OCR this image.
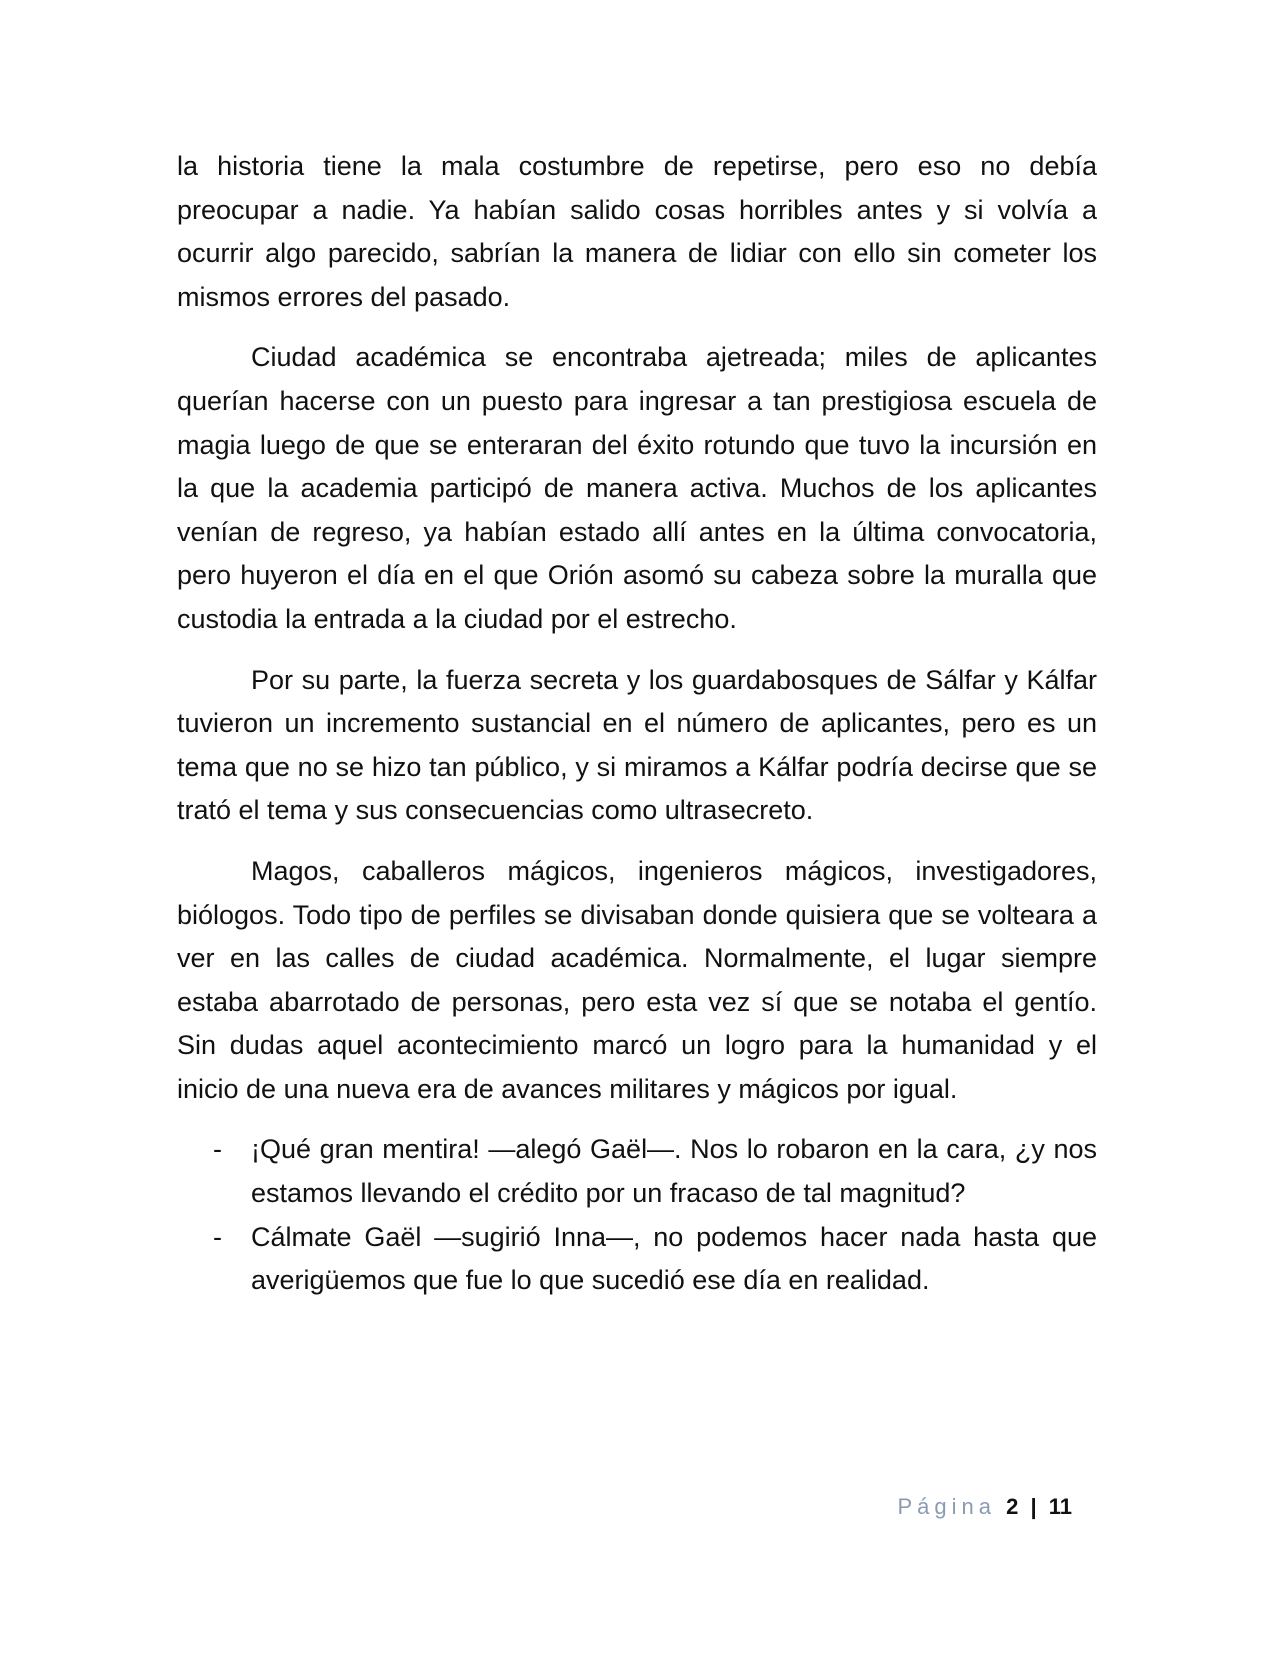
la historia tiene la mala costumbre de repetirse, pero eso no debía preocupar a nadie. Ya habían salido cosas horribles antes y si volvía a ocurrir algo parecido, sabrían la manera de lidiar con ello sin cometer los mismos errores del pasado.

Ciudad académica se encontraba ajetreada; miles de aplicantes querían hacerse con un puesto para ingresar a tan prestigiosa escuela de magia luego de que se enteraran del éxito rotundo que tuvo la incursión en la que la academia participó de manera activa. Muchos de los aplicantes venían de regreso, ya habían estado allí antes en la última convocatoria, pero huyeron el día en el que Orión asomó su cabeza sobre la muralla que custodia la entrada a la ciudad por el estrecho.

Por su parte, la fuerza secreta y los guardabosques de Sálfar y Kálfar tuvieron un incremento sustancial en el número de aplicantes, pero es un tema que no se hizo tan público, y si miramos a Kálfar podría decirse que se trató el tema y sus consecuencias como ultrasecreto.

Magos, caballeros mágicos, ingenieros mágicos, investigadores, biólogos. Todo tipo de perfiles se divisaban donde quisiera que se volteara a ver en las calles de ciudad académica. Normalmente, el lugar siempre estaba abarrotado de personas, pero esta vez sí que se notaba el gentío. Sin dudas aquel acontecimiento marcó un logro para la humanidad y el inicio de una nueva era de avances militares y mágicos por igual.

- ¡Qué gran mentira! —alegó Gaël—. Nos lo robaron en la cara, ¿y nos estamos llevando el crédito por un fracaso de tal magnitud?
- Cálmate Gaël —sugirió Inna—, no podemos hacer nada hasta que averigüemos que fue lo que sucedió ese día en realidad.
Página 2 | 11
